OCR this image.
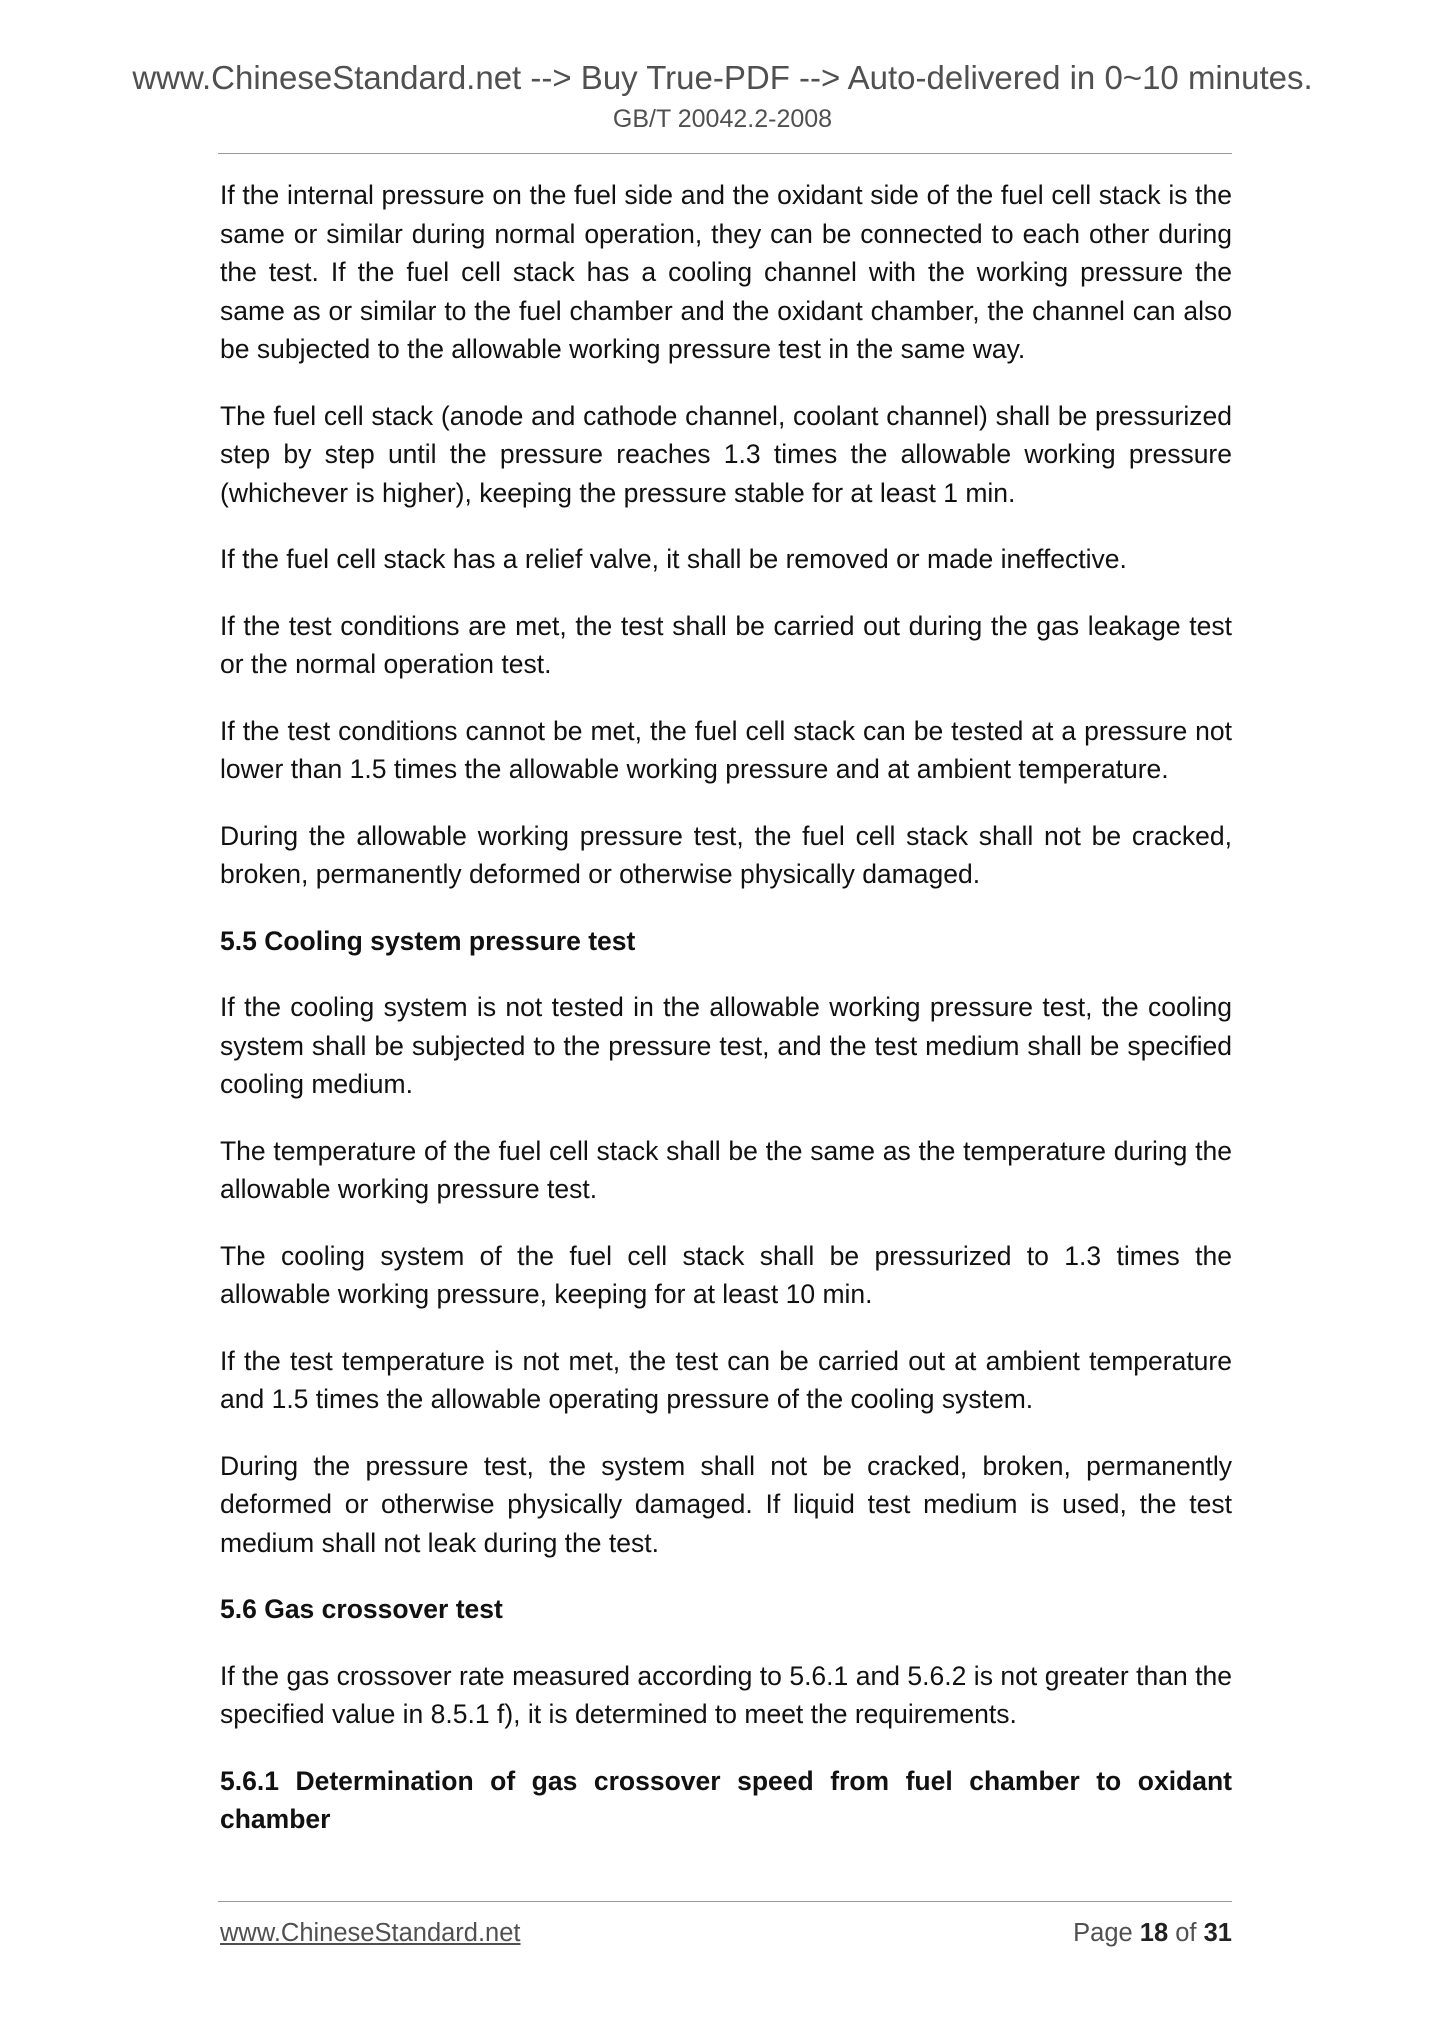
www.ChineseStandard.net --> Buy True-PDF --> Auto-delivered in 0~10 minutes.
GB/T 20042.2-2008

If the internal pressure on the fuel side and the oxidant side of the fuel cell stack is the same or similar during normal operation, they can be connected to each other during the test. If the fuel cell stack has a cooling channel with the working pressure the same as or similar to the fuel chamber and the oxidant chamber, the channel can also be subjected to the allowable working pressure test in the same way.

The fuel cell stack (anode and cathode channel, coolant channel) shall be pressurized step by step until the pressure reaches 1.3 times the allowable working pressure (whichever is higher), keeping the pressure stable for at least 1 min.

If the fuel cell stack has a relief valve, it shall be removed or made ineffective.

If the test conditions are met, the test shall be carried out during the gas leakage test or the normal operation test.

If the test conditions cannot be met, the fuel cell stack can be tested at a pressure not lower than 1.5 times the allowable working pressure and at ambient temperature.

During the allowable working pressure test, the fuel cell stack shall not be cracked, broken, permanently deformed or otherwise physically damaged.

5.5 Cooling system pressure test

If the cooling system is not tested in the allowable working pressure test, the cooling system shall be subjected to the pressure test, and the test medium shall be specified cooling medium.

The temperature of the fuel cell stack shall be the same as the temperature during the allowable working pressure test.

The cooling system of the fuel cell stack shall be pressurized to 1.3 times the allowable working pressure, keeping for at least 10 min.

If the test temperature is not met, the test can be carried out at ambient temperature and 1.5 times the allowable operating pressure of the cooling system.

During the pressure test, the system shall not be cracked, broken, permanently deformed or otherwise physically damaged. If liquid test medium is used, the test medium shall not leak during the test.

5.6 Gas crossover test

If the gas crossover rate measured according to 5.6.1 and 5.6.2 is not greater than the specified value in 8.5.1 f), it is determined to meet the requirements.

5.6.1 Determination of gas crossover speed from fuel chamber to oxidant chamber

www.ChineseStandard.net	Page 18 of 31
